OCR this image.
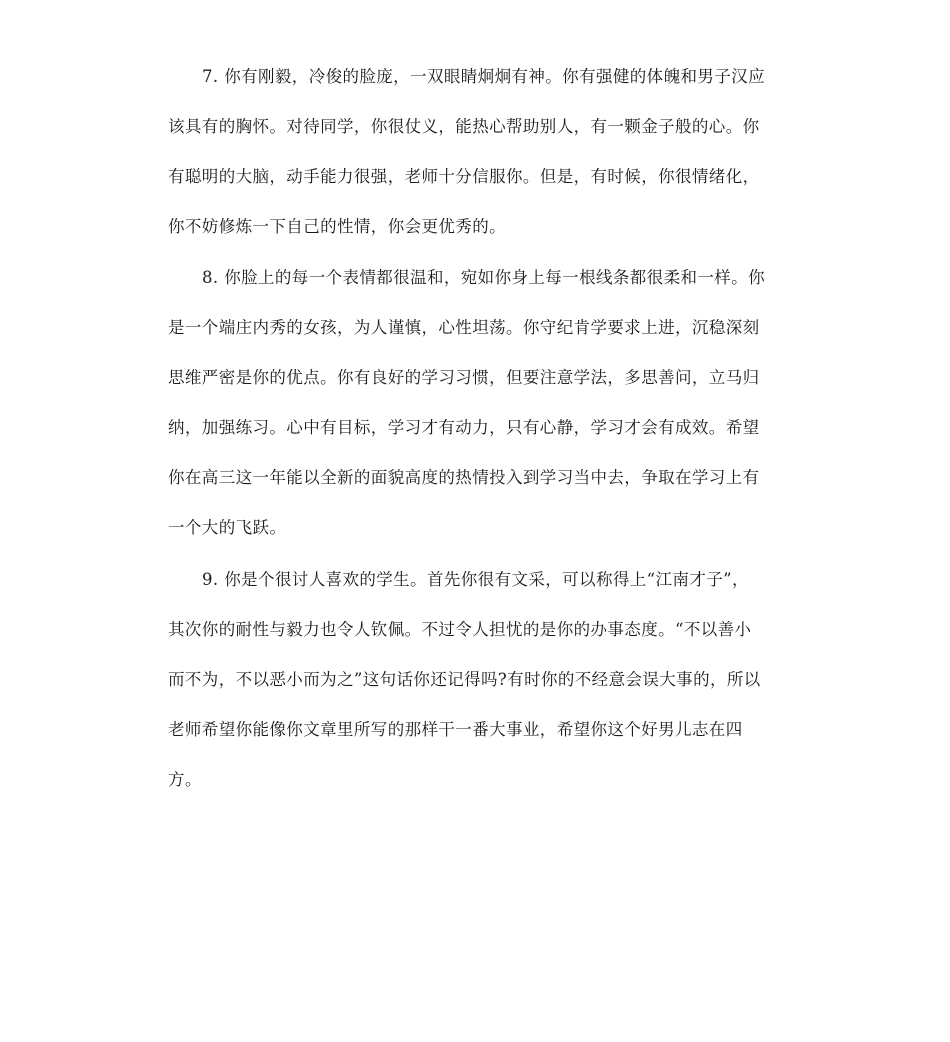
7. 你有刚毅，冷俊的脸庞，一双眼睛炯炯有神。你有强健的体魄和男子汉应
该具有的胸怀。对待同学，你很仗义，能热心帮助别人，有一颗金子般的心。你
有聪明的大脑，动手能力很强，老师十分信服你。但是，有时候，你很情绪化，
你不妨修炼一下自己的性情，你会更优秀的。
8. 你脸上的每一个表情都很温和，宛如你身上每一根线条都很柔和一样。你
是一个端庄内秀的女孩，为人谨慎，心性坦荡。你守纪肯学要求上进，沉稳深刻
思维严密是你的优点。你有良好的学习习惯，但要注意学法，多思善问，立马归
纳，加强练习。心中有目标，学习才有动力，只有心静，学习才会有成效。希望
你在高三这一年能以全新的面貌高度的热情投入到学习当中去，争取在学习上有
一个大的飞跃。
9. 你是个很讨人喜欢的学生。首先你很有文采，可以称得上“江南才子”，
其次你的耐性与毅力也令人钦佩。不过令人担忧的是你的办事态度。“不以善小
而不为，不以恶小而为之”这句话你还记得吗?有时你的不经意会误大事的，所以
老师希望你能像你文章里所写的那样干一番大事业，希望你这个好男儿志在四
方。
